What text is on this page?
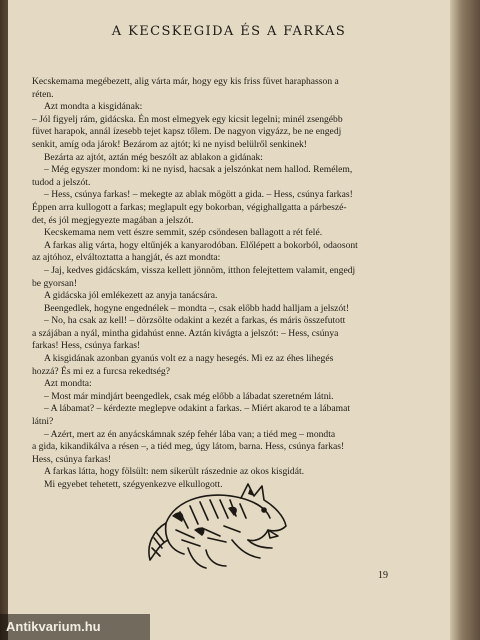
A KECSKEGIDA ÉS A FARKAS

Kecskemama megébezett, alig várta már, hogy egy kis friss füvet haraphasson a

réten.

Azt mondta a kisgidának:

– Jól figyelj rám, gidácska. Én most elmegyek egy kicsit legelni; minél zsengébb

füvet harapok, annál ízesebb tejet kapsz tőlem. De nagyon vigyázz, be ne engedj

senkit, amíg oda járok! Bezárom az ajtót; ki ne nyisd belülről senkinek!

Bezárta az ajtót, aztán még beszólt az ablakon a gidának:

– Még egyszer mondom: ki ne nyisd, hacsak a jelszónkat nem hallod. Remélem,

tudod a jelszót.

– Hess, csúnya farkas! – mekegte az ablak mögött a gida. – Hess, csúnya farkas!

Éppen arra kullogott a farkas; meglapult egy bokorban, végighallgatta a párbeszé-

det, és jól megjegyezte magában a jelszót.

Kecskemama nem vett észre semmit, szép csöndesen ballagott a rét felé.

A farkas alig várta, hogy eltűnjék a kanyarodóban. Előlépett a bokorból, odaosont

az ajtóhoz, elváltoztatta a hangját, és azt mondta:

– Jaj, kedves gidácskám, vissza kellett jönnöm, itthon felejtettem valamit, engedj

be gyorsan!

A gidácska jól emlékezett az anyja tanácsára.

Beengedlek, hogyne engednélek – mondta –, csak előbb hadd halljam a jelszót!

– No, ha csak az kell! – dörzsölte odakint a kezét a farkas, és máris összefutott

a szájában a nyál, mintha gidahúst enne. Aztán kivágta a jelszót: – Hess, csúnya

farkas! Hess, csúnya farkas!

A kisgidának azonban gyanús volt ez a nagy hesegés. Mi ez az éhes lihegés

hozzá? És mi ez a furcsa rekedtség?

Azt mondta:

– Most már mindjárt beengedlek, csak még előbb a lábadat szeretném látni.

– A lábamat? – kérdezte meglepve odakint a farkas. – Miért akarod te a lábamat

látni?

– Azért, mert az én anyácskámnak szép fehér lába van; a tiéd meg – mondta

a gida, kikandikálva a résen –, a tiéd meg, úgy látom, barna. Hess, csúnya farkas!

Hess, csúnya farkas!

A farkas látta, hogy fölsült: nem sikerült rászednie az okos kisgidát.

Mi egyebet tehetett, szégyenkezve elkullogott.

19
Antikvarium.hu
